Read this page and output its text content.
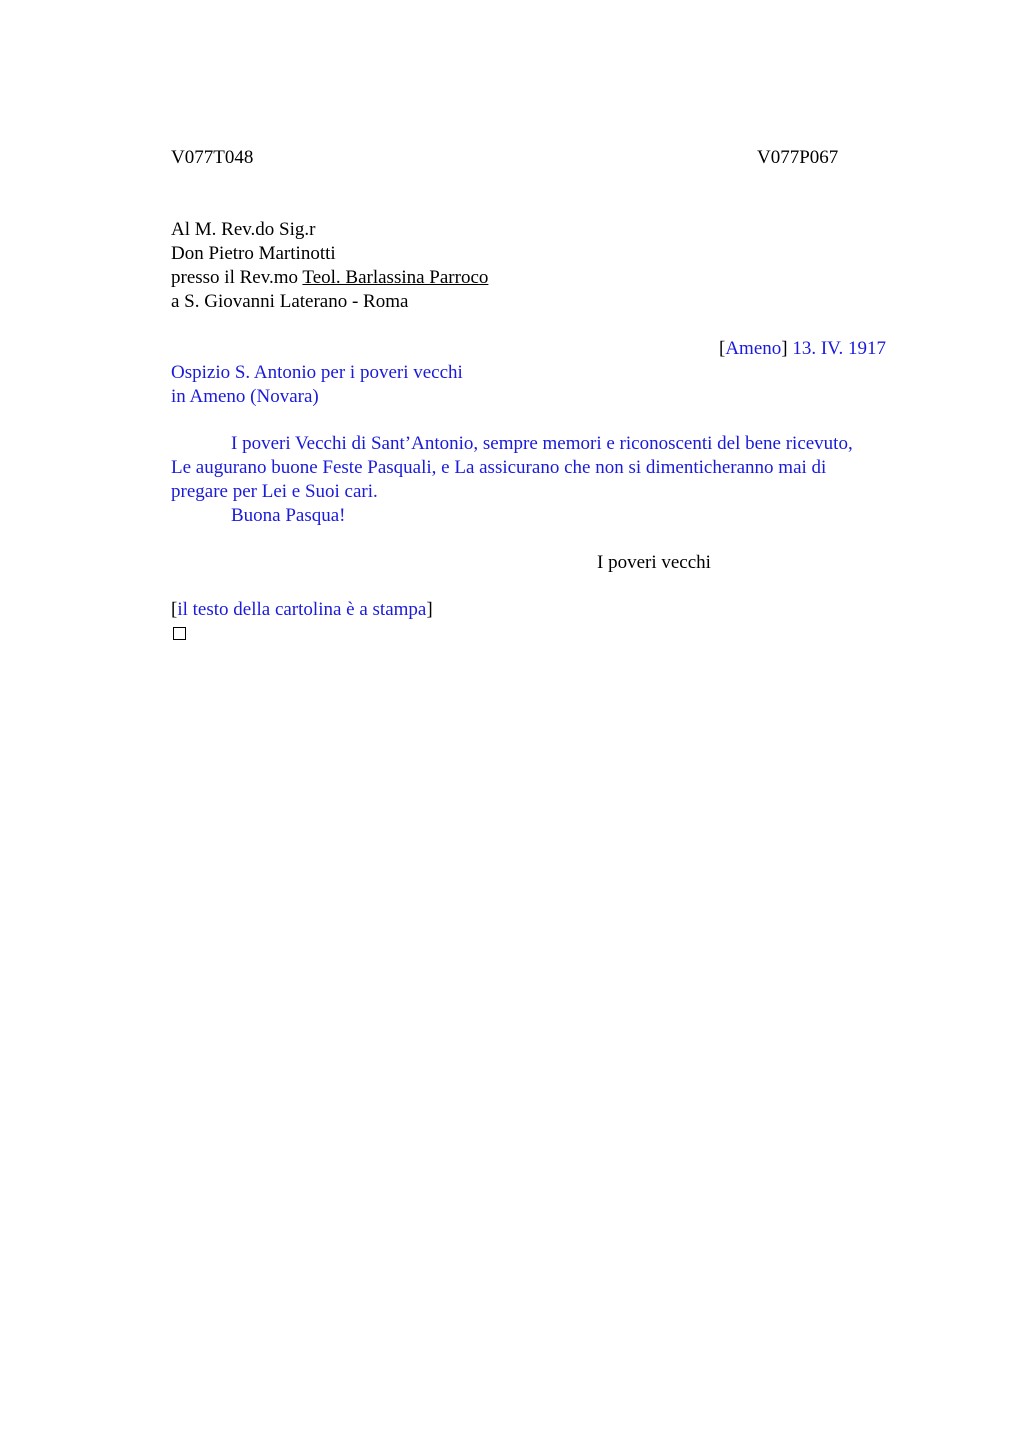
V077T048	V077P067
Al M. Rev.do Sig.r
Don Pietro Martinotti
presso il Rev.mo Teol. Barlassina Parroco
a S. Giovanni Laterano - Roma
[Ameno] 13. IV. 1917
Ospizio S. Antonio per i poveri vecchi
in Ameno (Novara)
I poveri Vecchi di Sant’Antonio, sempre memori e riconoscenti del bene ricevuto,
Le augurano buone Feste Pasquali, e La assicurano che non si dimenticheranno mai di
pregare per Lei e Suoi cari.
Buona Pasqua!
I poveri vecchi
[il testo della cartolina è a stampa]
